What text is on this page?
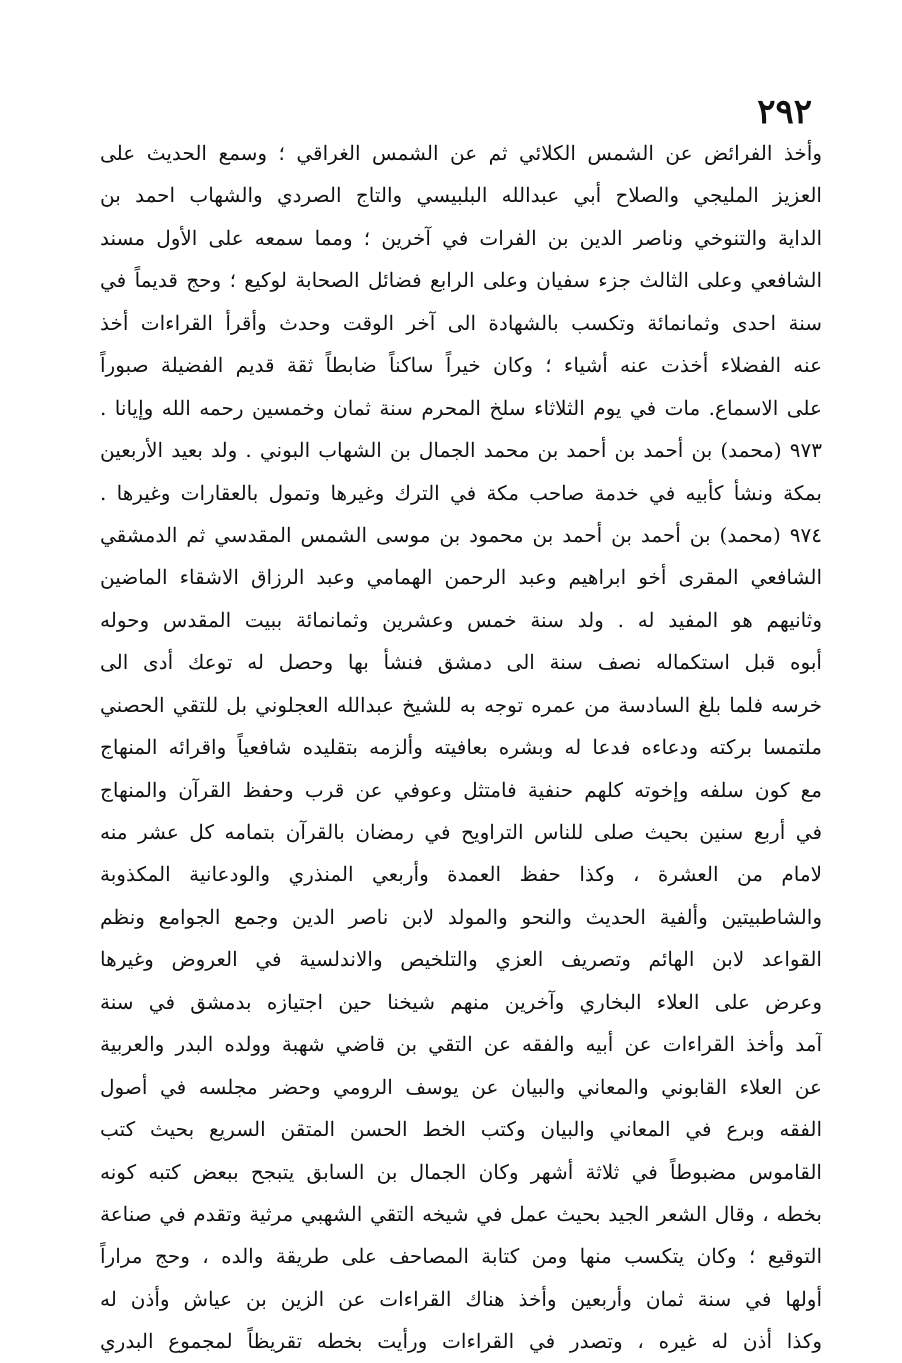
٢٩٢
وأخذ الفرائض عن الشمس الكلائي ثم عن الشمس الغراقي ؛ وسمع الحديث على
العزيز المليجي والصلاح أبي عبدالله البلبيسي والتاج الصردي والشهاب احمد بن
الداية والتنوخي وناصر الدين بن الفرات في آخرين ؛ ومما سمعه على الأول مسند
الشافعي وعلى الثالث جزء سفيان وعلى الرابع فضائل الصحابة لوكيع ؛ وحج قديماً في
سنة احدى وثمانمائة وتكسب بالشهادة الى آخر الوقت وحدث وأقرأ القراءات أخذ
عنه الفضلاء أخذت عنه أشياء ؛ وكان خيراً ساكناً ضابطاً ثقة قديم الفضيلة صبوراً
على الاسماع. مات في يوم الثلاثاء سلخ المحرم سنة ثمان وخمسين رحمه الله وإيانا .
٩٧٣ (محمد) بن أحمد بن أحمد بن محمد الجمال بن الشهاب البوني . ولد بعيد الأربعين
بمكة ونشأ كأبيه في خدمة صاحب مكة في الترك وغيرها وتمول بالعقارات وغيرها .
٩٧٤ (محمد) بن أحمد بن أحمد بن محمود بن موسى الشمس المقدسي ثم الدمشقي
الشافعي المقرى أخو ابراهيم وعبد الرحمن الهمامي وعبد الرزاق الاشقاء الماضين
وثانيهم هو المفيد له . ولد سنة خمس وعشرين وثمانمائة ببيت المقدس وحوله
أبوه قبل استكماله نصف سنة الى دمشق فنشأ بها وحصل له توعك أدى الى
خرسه فلما بلغ السادسة من عمره توجه به للشيخ عبدالله العجلوني بل للتقي الحصني
ملتمسا بركته ودعاءه فدعا له وبشره بعافيته وألزمه بتقليده شافعياً واقرائه المنهاج
مع كون سلفه وإخوته كلهم حنفية فامتثل وعوفي عن قرب وحفظ القرآن والمنهاج
في أربع سنين بحيث صلى للناس التراويح في رمضان بالقرآن بتمامه كل عشر منه
لامام من العشرة ، وكذا حفظ العمدة وأربعي المنذري والودعانية المكذوبة
والشاطبيتين وألفية الحديث والنحو والمولد لابن ناصر الدين وجمع الجوامع ونظم
القواعد لابن الهائم وتصريف العزي والتلخيص والاندلسية في العروض وغيرها
وعرض على العلاء البخاري وآخرين منهم شيخنا حين اجتيازه بدمشق في سنة
آمد وأخذ القراءات عن أبيه والفقه عن التقي بن قاضي شهبة وولده البدر والعربية
عن العلاء القابوني والمعاني والبيان عن يوسف الرومي وحضر مجلسه في أصول
الفقه وبرع في المعاني والبيان وكتب الخط الحسن المتقن السريع بحيث كتب
القاموس مضبوطاً في ثلاثة أشهر وكان الجمال بن السابق يتبجح ببعض كتبه كونه
بخطه ، وقال الشعر الجيد بحيث عمل في شيخه التقي الشهبي مرثية وتقدم في صناعة
التوقيع ؛ وكان يتكسب منها ومن كتابة المصاحف على طريقة والده ، وحج مراراً
أولها في سنة ثمان وأربعين وأخذ هناك القراءات عن الزين بن عياش وأذن له
وكذا أذن له غيره ، وتصدر في القراءات ورأيت بخطه تقريظاً لمجموع البدري
